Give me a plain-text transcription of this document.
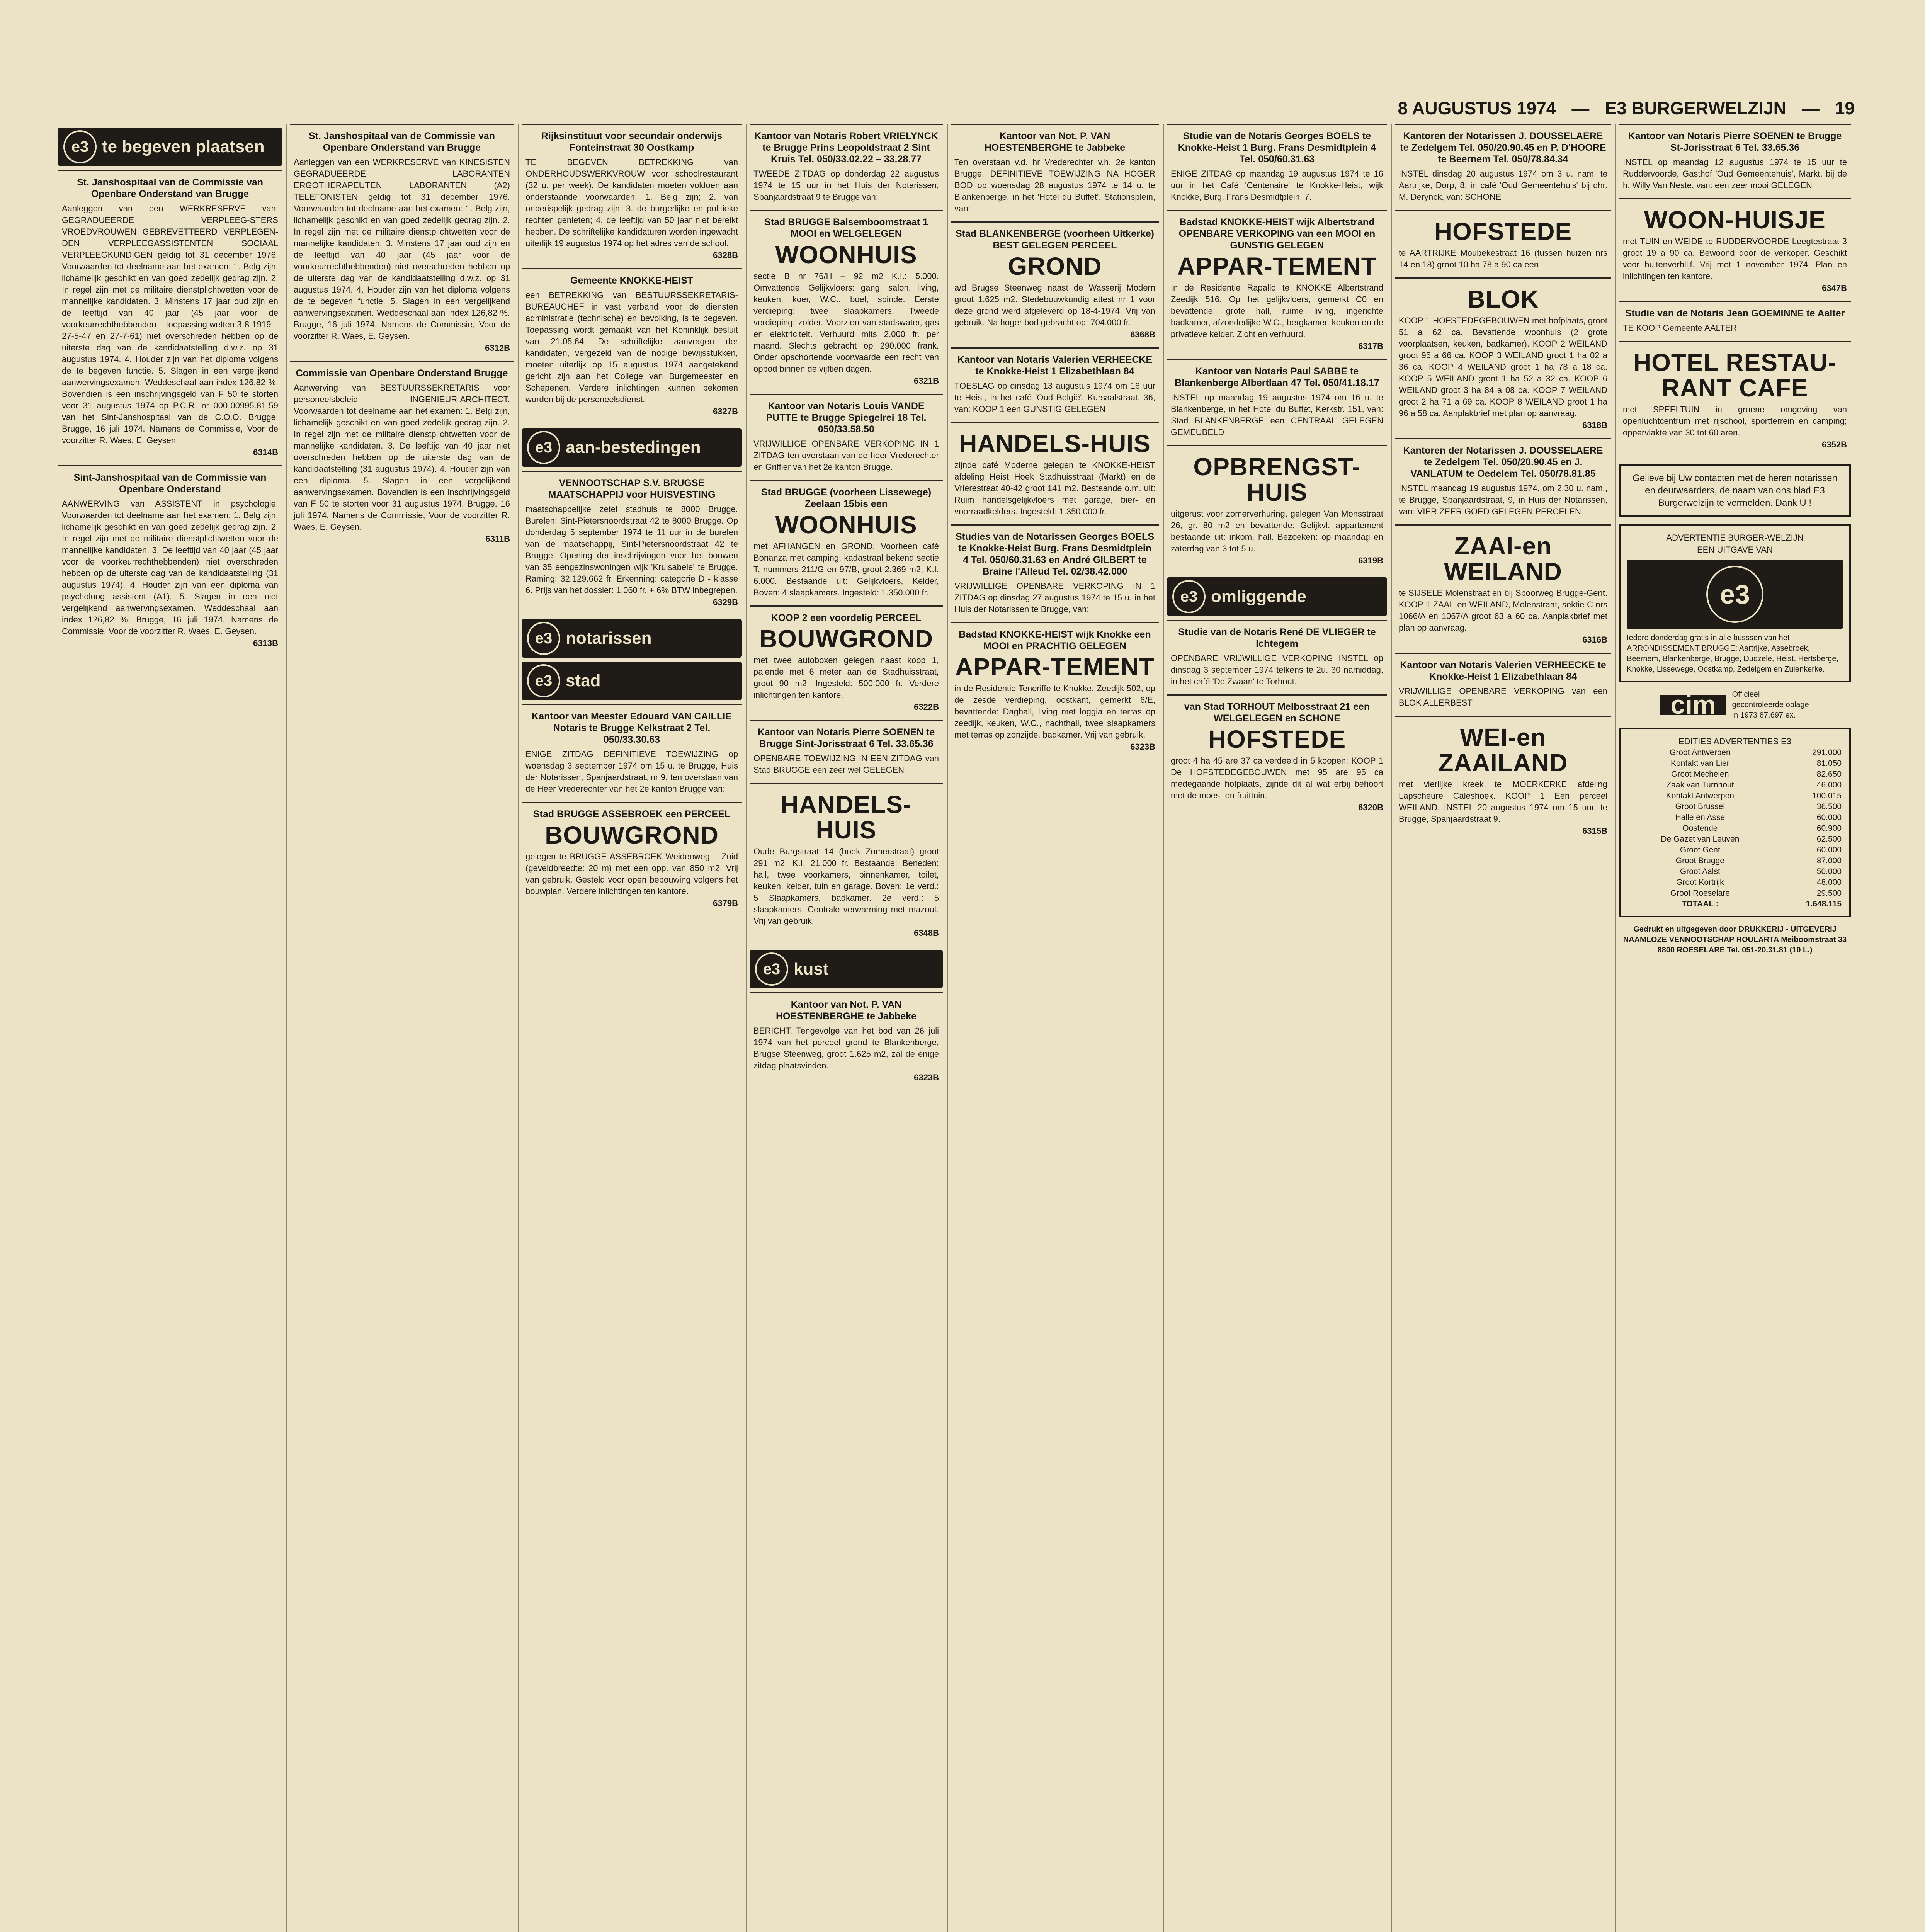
8 AUGUSTUS 1974 — E3 BURGERWELZIJN — 19
e3 te begeven plaatsen
St. Janshospitaal van de Commissie van Openbare Onderstand van Brugge
Aanleggen van een WERKRESERVE van: GEGRADUEERDE VERPLEEG-STERS VROEDVROUWEN GEBREVETTEERD VERPLEGEN-DEN VERPLEEGASSISTENTEN SOCIAAL VERPLEEGKUNDIGEN geldig tot 31 december 1976. Voorwaarden tot deelname aan het examen: 1. Belg zijn, lichamelijk geschikt en van goed zedelijk gedrag zijn. 2. In regel zijn met de militaire dienstplichtwetten voor de mannelijke kandidaten. 3. Minstens 17 jaar oud zijn en de leeftijd van 40 jaar (45 jaar voor de voorkeurrechthebbenden – toepassing wetten 3-8-1919 – 27-5-47 en 27-7-61) niet overschreden hebben op de uiterste dag van de kandidaatstelling d.w.z. op 31 augustus 1974. 4. Houder zijn van het diploma volgens de te begeven functie. 5. Slagen in een vergelijkend aanwervingsexamen. Weddeschaal aan index 126,82 %. Bovendien is een inschrijvingsgeld van F 50 te storten voor 31 augustus 1974 op P.C.R. nr 000-00995.81-59 van het Sint-Janshospitaal van de C.O.O. Brugge. Brugge, 16 juli 1974. Namens de Commissie, Voor de voorzitter R. Waes, E. Geysen.
6314B
Sint-Janshospitaal van de Commissie van Openbare Onderstand
AANWERVING van ASSISTENT in psychologie. Voorwaarden tot deelname aan het examen: 1. Belg zijn, lichamelijk geschikt en van goed zedelijk gedrag zijn. 2. In regel zijn met de militaire dienstplichtwetten voor de mannelijke kandidaten. 3. De leeftijd van 40 jaar (45 jaar voor de voorkeurrechthebbenden) niet overschreden hebben op de uiterste dag van de kandidaatstelling (31 augustus 1974). 4. Houder zijn van een diploma van psycholoog assistent (A1). 5. Slagen in een niet vergelijkend aanwervingsexamen. Weddeschaal aan index 126,82 %. Brugge, 16 juli 1974. Namens de Commissie, Voor de voorzitter R. Waes, E. Geysen.
6313B
St. Janshospitaal van de Commissie van Openbare Onderstand van Brugge
Aanleggen van een WERKRESERVE van KINESISTEN GEGRADUEERDE LABORANTEN ERGOTHERAPEUTEN LABORANTEN (A2) TELEFONISTEN geldig tot 31 december 1976. Voorwaarden tot deelname aan het examen: 1. Belg zijn, lichamelijk geschikt en van goed zedelijk gedrag zijn. 2. In regel zijn met de militaire dienstplichtwetten voor de mannelijke kandidaten. 3. Minstens 17 jaar oud zijn en de leeftijd van 40 jaar (45 jaar voor de voorkeurrechthebbenden) niet overschreden hebben op de uiterste dag van de kandidaatstelling d.w.z. op 31 augustus 1974. 4. Houder zijn van het diploma volgens de te begeven functie. 5. Slagen in een vergelijkend aanwervingsexamen. Weddeschaal aan index 126,82 %. Brugge, 16 juli 1974. Namens de Commissie, Voor de voorzitter R. Waes, E. Geysen.
6312B
Commissie van Openbare Onderstand Brugge
Aanwerving van BESTUURSSEKRETARIS voor personeelsbeleid INGENIEUR-ARCHITECT. Voorwaarden tot deelname aan het examen: 1. Belg zijn, lichamelijk geschikt en van goed zedelijk gedrag zijn. 2. In regel zijn met de militaire dienstplichtwetten voor de mannelijke kandidaten. 3. De leeftijd van 40 jaar niet overschreden hebben op de uiterste dag van de kandidaatstelling (31 augustus 1974). 4. Houder zijn van een diploma. 5. Slagen in een vergelijkend aanwervingsexamen. Bovendien is een inschrijvingsgeld van F 50 te storten voor 31 augustus 1974. Brugge, 16 juli 1974. Namens de Commissie, Voor de voorzitter R. Waes, E. Geysen.
6311B
Rijksinstituut voor secundair onderwijs Fonteinstraat 30 Oostkamp
TE BEGEVEN BETREKKING van ONDERHOUDSWERKVROUW voor schoolrestaurant (32 u. per week). De kandidaten moeten voldoen aan onderstaande voorwaarden: 1. Belg zijn; 2. van onberispelijk gedrag zijn; 3. de burgerlijke en politieke rechten genieten; 4. de leeftijd van 50 jaar niet bereikt hebben. De schriftelijke kandidaturen worden ingewacht uiterlijk 19 augustus 1974 op het adres van de school.
6328B
Gemeente KNOKKE-HEIST
een BETREKKING van BESTUURSSEKRETARIS-BUREAUCHEF in vast verband voor de diensten administratie (technische) en bevolking, is te begeven. Toepassing wordt gemaakt van het Koninklijk besluit van 21.05.64. De schriftelijke aanvragen der kandidaten, vergezeld van de nodige bewijsstukken, moeten uiterlijk op 15 augustus 1974 aangetekend gericht zijn aan het College van Burgemeester en Schepenen. Verdere inlichtingen kunnen bekomen worden bij de personeelsdienst.
6327B
e3 aan-bestedingen
VENNOOTSCHAP S.V. BRUGSE MAATSCHAPPIJ voor HUISVESTING
maatschappelijke zetel stadhuis te 8000 Brugge. Burelen: Sint-Pietersnoordstraat 42 te 8000 Brugge. Op donderdag 5 september 1974 te 11 uur in de burelen van de maatschappij, Sint-Pietersnoordstraat 42 te Brugge. Opening der inschrijvingen voor het bouwen van 35 eengezinswoningen wijk 'Kruisabele' te Brugge. Raming: 32.129.662 fr. Erkenning: categorie D - klasse 6. Prijs van het dossier: 1.060 fr. + 6% BTW inbegrepen.
6329B
e3 notarissen
e3 stad
Kantoor van Meester Edouard VAN CAILLIE Notaris te Brugge Kelkstraat 2 Tel. 050/33.30.63
ENIGE ZITDAG DEFINITIEVE TOEWIJZING op woensdag 3 september 1974 om 15 u. te Brugge, Huis der Notarissen, Spanjaardstraat, nr 9, ten overstaan van de Heer Vrederechter van het 2e kanton Brugge van:
Stad BRUGGE ASSEBROEK een PERCEEL
BOUWGROND
gelegen te BRUGGE ASSEBROEK Weidenweg – Zuid (geveldbreedte: 20 m) met een opp. van 850 m2. Vrij van gebruik. Gesteld voor open bebouwing volgens het bouwplan. Verdere inlichtingen ten kantore.
6379B
Kantoor van Notaris Robert VRIELYNCK te Brugge Prins Leopoldstraat 2 Sint Kruis Tel. 050/33.02.22 – 33.28.77
TWEEDE ZITDAG op donderdag 22 augustus 1974 te 15 uur in het Huis der Notarissen, Spanjaardstraat 9 te Brugge van:
Stad BRUGGE Balsemboomstraat 1 MOOI en WELGELEGEN
WOONHUIS
sectie B nr 76/H – 92 m2 K.I.: 5.000. Omvattende: Gelijkvloers: gang, salon, living, keuken, koer, W.C., boel, spinde. Eerste verdieping: twee slaapkamers. Tweede verdieping: zolder. Voorzien van stadswater, gas en elektriciteit. Verhuurd mits 2.000 fr. per maand. Slechts gebracht op 290.000 frank. Onder opschortende voorwaarde een recht van opbod binnen de vijftien dagen.
6321B
Kantoor van Notaris Louis VANDE PUTTE te Brugge Spiegelrei 18 Tel. 050/33.58.50
VRIJWILLIGE OPENBARE VERKOPING IN 1 ZITDAG ten overstaan van de heer Vrederechter en Griffier van het 2e kanton Brugge.
Stad BRUGGE (voorheen Lissewege) Zeelaan 15bis een
WOONHUIS
met AFHANGEN en GROND. Voorheen café Bonanza met camping, kadastraal bekend sectie T, nummers 211/G en 97/B, groot 2.369 m2, K.I. 6.000. Bestaande uit: Gelijkvloers, Kelder, Boven: 4 slaapkamers. Ingesteld: 1.350.000 fr.
KOOP 2 een voordelig PERCEEL
BOUWGROND
met twee autoboxen gelegen naast koop 1, palende met 6 meter aan de Stadhuisstraat, groot 90 m2. Ingesteld: 500.000 fr. Verdere inlichtingen ten kantore.
6322B
Kantoor van Notaris Pierre SOENEN te Brugge Sint-Jorisstraat 6 Tel. 33.65.36
OPENBARE TOEWIJZING IN EEN ZITDAG van Stad BRUGGE een zeer wel GELEGEN
HANDELS-HUIS
Oude Burgstraat 14 (hoek Zomerstraat) groot 291 m2. K.I. 21.000 fr. Bestaande: Beneden: hall, twee voorkamers, binnenkamer, toilet, keuken, kelder, tuin en garage. Boven: 1e verd.: 5 Slaapkamers, badkamer. 2e verd.: 5 slaapkamers. Centrale verwarming met mazout. Vrij van gebruik.
6348B
e3 kust
Kantoor van Not. P. VAN HOESTENBERGHE te Jabbeke
BERICHT. Tengevolge van het bod van 26 juli 1974 van het perceel grond te Blankenberge, Brugse Steenweg, groot 1.625 m2, zal de enige zitdag plaatsvinden.
6323B
Kantoor van Not. P. VAN HOESTENBERGHE te Jabbeke
Ten overstaan v.d. hr Vrederechter v.h. 2e kanton Brugge. DEFINITIEVE TOEWIJZING NA HOGER BOD op woensdag 28 augustus 1974 te 14 u. te Blankenberge, in het 'Hotel du Buffet', Stationsplein, van:
Stad BLANKENBERGE (voorheen Uitkerke) BEST GELEGEN PERCEEL
GROND
a/d Brugse Steenweg naast de Wasserij Modern groot 1.625 m2. Stedebouwkundig attest nr 1 voor deze grond werd afgeleverd op 18-4-1974. Vrij van gebruik. Na hoger bod gebracht op: 704.000 fr.
6368B
Kantoor van Notaris Valerien VERHEECKE te Knokke-Heist 1 Elizabethlaan 84
TOESLAG op dinsdag 13 augustus 1974 om 16 uur te Heist, in het café 'Oud België', Kursaalstraat, 36, van: KOOP 1 een GUNSTIG GELEGEN
HANDELS-HUIS
zijnde café Moderne gelegen te KNOKKE-HEIST afdeling Heist Hoek Stadhuisstraat (Markt) en de Vrierestraat 40-42 groot 141 m2. Bestaande o.m. uit: Ruim handelsgelijkvloers met garage, bier- en voorraadkelders. Ingesteld: 1.350.000 fr.
Studies van de Notarissen Georges BOELS te Knokke-Heist Burg. Frans Desmidtplein 4 Tel. 050/60.31.63 en André GILBERT te Braine l'Alleud Tel. 02/38.42.000
VRIJWILLIGE OPENBARE VERKOPING IN 1 ZITDAG op dinsdag 27 augustus 1974 te 15 u. in het Huis der Notarissen te Brugge, van:
Badstad KNOKKE-HEIST wijk Knokke een MOOI en PRACHTIG GELEGEN
APPAR-TEMENT
in de Residentie Teneriffe te Knokke, Zeedijk 502, op de zesde verdieping, oostkant, gemerkt 6/E, bevattende: Daghall, living met loggia en terras op zeedijk, keuken, W.C., nachthall, twee slaapkamers met terras op zonzijde, badkamer. Vrij van gebruik.
6323B
Studie van de Notaris Georges BOELS te Knokke-Heist 1 Burg. Frans Desmidtplein 4 Tel. 050/60.31.63
ENIGE ZITDAG op maandag 19 augustus 1974 te 16 uur in het Café 'Centenaire' te Knokke-Heist, wijk Knokke, Burg. Frans Desmidtplein, 7.
Badstad KNOKKE-HEIST wijk Albertstrand OPENBARE VERKOPING van een MOOI en GUNSTIG GELEGEN
APPAR-TEMENT
In de Residentie Rapallo te KNOKKE Albertstrand Zeedijk 516. Op het gelijkvloers, gemerkt C0 en bevattende: grote hall, ruime living, ingerichte badkamer, afzonderlijke W.C., bergkamer, keuken en de privatieve kelder. Zicht en verhuurd.
6317B
Kantoor van Notaris Paul SABBE te Blankenberge Albertlaan 47 Tel. 050/41.18.17
INSTEL op maandag 19 augustus 1974 om 16 u. te Blankenberge, in het Hotel du Buffet, Kerkstr. 151, van: Stad BLANKENBERGE een CENTRAAL GELEGEN GEMEUBELD
OPBRENGST-HUIS
uitgerust voor zomerverhuring, gelegen Van Monsstraat 26, gr. 80 m2 en bevattende: Gelijkvl. appartement bestaande uit: inkom, hall. Bezoeken: op maandag en zaterdag van 3 tot 5 u.
6319B
e3 omliggende
Studie van de Notaris René DE VLIEGER te Ichtegem
OPENBARE VRIJWILLIGE VERKOPING INSTEL op dinsdag 3 september 1974 telkens te 2u. 30 namiddag, in het café 'De Zwaan' te Torhout.
van Stad TORHOUT Melbosstraat 21 een WELGELEGEN en SCHONE
HOFSTEDE
groot 4 ha 45 are 37 ca verdeeld in 5 koopen: KOOP 1 De HOFSTEDEGEBOUWEN met 95 are 95 ca medegaande hofplaats, zijnde dit al wat erbij behoort met de moes- en fruittuin.
6320B
Kantoren der Notarissen J. DOUSSELAERE te Zedelgem Tel. 050/20.90.45 en P. D'HOORE te Beernem Tel. 050/78.84.34
INSTEL dinsdag 20 augustus 1974 om 3 u. nam. te Aartrijke, Dorp, 8, in café 'Oud Gemeentehuis' bij dhr. M. Derynck, van: SCHONE
HOFSTEDE
te AARTRIJKE Moubekestraat 16 (tussen huizen nrs 14 en 18) groot 10 ha 78 a 90 ca een
BLOK
KOOP 1 HOFSTEDEGEBOUWEN met hofplaats, groot 51 a 62 ca. Bevattende woonhuis (2 grote voorplaatsen, keuken, badkamer). KOOP 2 WEILAND groot 95 a 66 ca. KOOP 3 WEILAND groot 1 ha 02 a 36 ca. KOOP 4 WEILAND groot 1 ha 78 a 18 ca. KOOP 5 WEILAND groot 1 ha 52 a 32 ca. KOOP 6 WEILAND groot 3 ha 84 a 08 ca. KOOP 7 WEILAND groot 2 ha 71 a 69 ca. KOOP 8 WEILAND groot 1 ha 96 a 58 ca. Aanplakbrief met plan op aanvraag.
6318B
Kantoren der Notarissen J. DOUSSELAERE te Zedelgem Tel. 050/20.90.45 en J. VANLATUM te Oedelem Tel. 050/78.81.85
INSTEL maandag 19 augustus 1974, om 2.30 u. nam., te Brugge, Spanjaardstraat, 9, in Huis der Notarissen, van: VIER ZEER GOED GELEGEN PERCELEN
ZAAI-en WEILAND
te SIJSELE Molenstraat en bij Spoorweg Brugge-Gent. KOOP 1 ZAAI- en WEILAND, Molenstraat, sektie C nrs 1066/A en 1067/A groot 63 a 60 ca. Aanplakbrief met plan op aanvraag.
6316B
Kantoor van Notaris Valerien VERHEECKE te Knokke-Heist 1 Elizabethlaan 84
VRIJWILLIGE OPENBARE VERKOPING van een BLOK ALLERBEST
WEI-en ZAAILAND
met vierlijke kreek te MOERKERKE afdeling Lapscheure Caleshoek. KOOP 1 Een perceel WEILAND. INSTEL 20 augustus 1974 om 15 uur, te Brugge, Spanjaardstraat 9.
6315B
Kantoor van Notaris Pierre SOENEN te Brugge St-Jorisstraat 6 Tel. 33.65.36
INSTEL op maandag 12 augustus 1974 te 15 uur te Ruddervoorde, Gasthof 'Oud Gemeentehuis', Markt, bij de h. Willy Van Neste, van: een zeer mooi GELEGEN
WOON-HUISJE
met TUIN en WEIDE te RUDDERVOORDE Leegtestraat 3 groot 19 a 90 ca. Bewoond door de verkoper. Geschikt voor buitenverblijf. Vrij met 1 november 1974. Plan en inlichtingen ten kantore.
6347B
Studie van de Notaris Jean GOEMINNE te Aalter
TE KOOP Gemeente AALTER
HOTEL RESTAU-RANT CAFE
met SPEELTUIN in groene omgeving van openluchtcentrum met rijschool, sportterrein en camping; oppervlakte van 30 tot 60 aren.
6352B
Gelieve bij Uw contacten met de heren notarissen en deurwaarders, de naam van ons blad E3 Burgerwelzijn te vermelden. Dank U !
ADVERTENTIE BURGER-WELZIJN
EEN UITGAVE VAN
e3
Iedere donderdag gratis in alle busssen van het ARRONDISSEMENT BRUGGE: Aartrijke, Assebroek, Beernem, Blankenberge, Brugge, Dudzele, Heist, Hertsberge, Knokke, Lissewege, Oostkamp, Zedelgem en Zuienkerke.
cim	Officieel gecontroleerde oplage in 1973 87.697 ex.
EDITIES ADVERTENTIES E3
Groot Antwerpen	291.000
Kontakt van Lier	81.050
Groot Mechelen	82.650
Zaak van Turnhout	46.000
Kontakt Antwerpen	100.015
Groot Brussel	36.500
Halle en Asse	60.000
Oostende	60.900
De Gazet van Leuven	62.500
Groot Gent	60.000
Groot Brugge	87.000
Groot Aalst	50.000
Groot Kortrijk	48.000
Groot Roeselare	29.500
TOTAAL :	1.648.115
Gedrukt en uitgegeven door DRUKKERIJ - UITGEVERIJ NAAMLOZE VENNOOTSCHAP ROULARTA Meiboomstraat 33 8800 ROESELARE Tel. 051-20.31.81 (10 L.)
